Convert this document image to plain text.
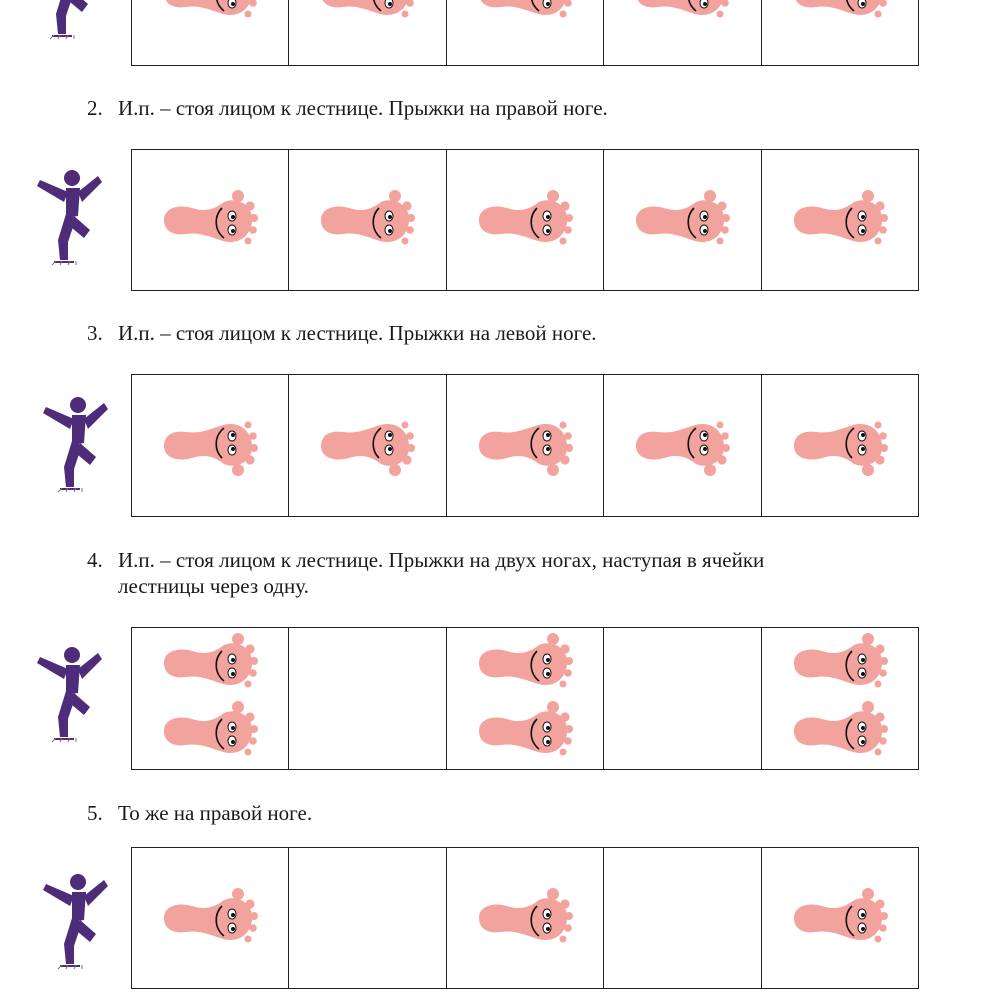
2. И.п. – стоя лицом к лестнице. Прыжки на правой ноге.
3. И.п. – стоя лицом к лестнице. Прыжки на левой ноге.
4. И.п. – стоя лицом к лестнице. Прыжки на двух ногах, наступая в ячейки
лестницы через одну.
5. То же на правой ноге.
